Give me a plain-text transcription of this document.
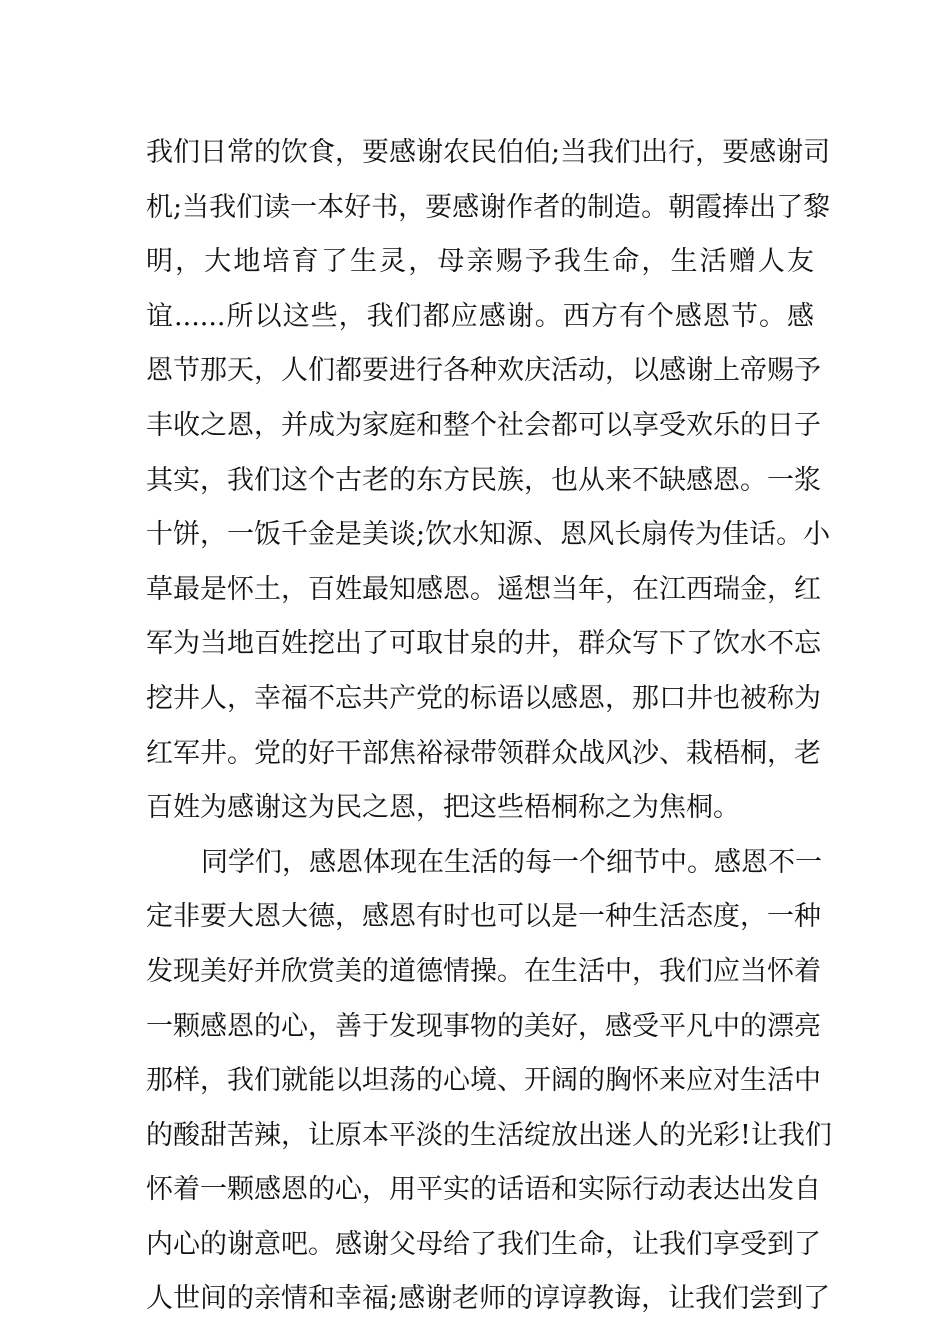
我们日常的饮食，要感谢农民伯伯;当我们出行，要感谢司
机;当我们读一本好书，要感谢作者的制造。朝霞捧出了黎
明，大地培育了生灵，母亲赐予我生命，生活赠人友
谊......所以这些，我们都应感谢。西方有个感恩节。感
恩节那天，人们都要进行各种欢庆活动，以感谢上帝赐予
丰收之恩，并成为家庭和整个社会都可以享受欢乐的日子
其实，我们这个古老的东方民族，也从来不缺感恩。一浆
十饼，一饭千金是美谈;饮水知源、恩风长扇传为佳话。小
草最是怀土，百姓最知感恩。遥想当年，在江西瑞金，红
军为当地百姓挖出了可取甘泉的井，群众写下了饮水不忘
挖井人，幸福不忘共产党的标语以感恩，那口井也被称为
红军井。党的好干部焦裕禄带领群众战风沙、栽梧桐，老
百姓为感谢这为民之恩，把这些梧桐称之为焦桐。
同学们，感恩体现在生活的每一个细节中。感恩不一
定非要大恩大德，感恩有时也可以是一种生活态度，一种
发现美好并欣赏美的道德情操。在生活中，我们应当怀着
一颗感恩的心，善于发现事物的美好，感受平凡中的漂亮
那样，我们就能以坦荡的心境、开阔的胸怀来应对生活中
的酸甜苦辣，让原本平淡的生活绽放出迷人的光彩!让我们
怀着一颗感恩的心，用平实的话语和实际行动表达出发自
内心的谢意吧。感谢父母给了我们生命，让我们享受到了
人世间的亲情和幸福;感谢老师的谆谆教诲，让我们尝到了
